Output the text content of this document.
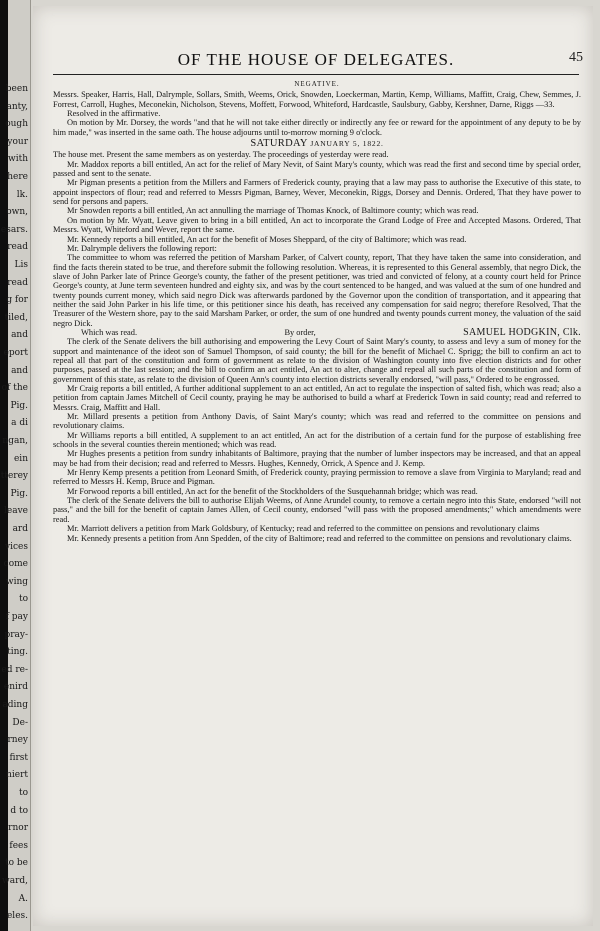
been
anty,
ough
your
with
here
lk.
own,
esars.
read
Lis
read
g for
tiled,
and
eport
and
of the
Pig.
a di
ngan,
ein
tterey
Pig.
leave
ard
vices
come
wing
to
f pay
pray-
ting.
ed re-
enird
ading
De-
rney
first
niert
to
d to
rnor
fees
to be
ward,
A.
eles.
OF THE HOUSE OF DELEGATES.	45

NEGATIVE.

Messrs. Speaker, Harris, Hall, Dalrymple, Sollars, Smith, Weems, Orick, Snowden, Loeckerman, Martin, Kemp, Williams, Maffitt, Craig, Chew, Semmes, J. Forrest, Carroll, Hughes, Meconekin, Nicholson, Stevens, Moffett, Forwood, Whiteford, Hardcastle, Saulsbury, Gabby, Kershner, Darne, Riggs —33.

Resolved in the affirmative.

On motion by Mr. Dorsey, the words "and that he will not take either directly or indirectly any fee or reward for the appointment of any deputy to be by him made," was inserted in the same oath. The house adjourns until to-morrow morning 9 o'clock.

SATURDAY JANUARY 5, 1822.

The house met. Present the same members as on yesterday. The proceedings of yesterday were read.

Mr. Maddox reports a bill entitled, An act for the relief of Mary Nevit, of Saint Mary's county, which was read the first and second time by special order, passed and sent to the senate.

Mr Pigman presents a petition from the Millers and Farmers of Frederick county, praying that a law may pass to authorise the Executive of this state, to appoint inspectors of flour; read and referred to Messrs Pigman, Barney, Wever, Meconekin, Riggs, Dorsey and Dennis. Ordered, That they have power to send for persons and papers.

Mr Snowden reports a bill entitled, An act annulling the marriage of Thomas Knock, of Baltimore county; which was read.

On motion by Mr. Wyatt, Leave given to bring in a bill entitled, An act to incorporate the Grand Lodge of Free and Accepted Masons. Ordered, That Messrs. Wyatt, Whiteford and Wever, report the same.

Mr. Kennedy reports a bill entitled, An act for the benefit of Moses Sheppard, of the city of Baltimore; which was read.

Mr. Dalrymple delivers the following report:

The committee to whom was referred the petition of Marsham Parker, of Calvert county, report, That they have taken the same into consideration, and find the facts therein stated to be true, and therefore submit the following resolution. Whereas, it is represented to this General assembly, that negro Dick, the slave of John Parker late of Prince George's county, the father of the present petitioner, was tried and convicted of felony, at a county court held for Prince George's county, at June term seventeen hundred and eighty six, and was by the court sentenced to be hanged, and was valued at the sum of one hundred and twenty pounds current money, which said negro Dick was afterwards pardoned by the Governor upon the condition of transportation, and it appearing that neither the said John Parker in his life time, or this petitioner since his death, has received any compensation for said negro; therefore Resolved, That the Treasurer of the Western shore, pay to the said Marsham Parker, or order, the sum of one hundred and twenty pounds current money, the valuation of the said negro Dick.

Which was read.	By order,	SAMUEL HODGKIN, Clk.

The clerk of the Senate delivers the bill authorising and empowering the Levy Court of Saint Mary's county, to assess and levy a sum of money for the support and maintenance of the ideot son of Samuel Thompson, of said county; the bill for the benefit of Michael C. Sprigg; the bill to confirm an act to repeal all that part of the constitution and form of government as relate to the division of Washington county into five election districts and for other purposes, passed at the last session; and the bill to confirm an act entitled, An act to alter, change and repeal all such parts of the constitution and form of government of this state, as relate to the division of Queen Ann's county into election districts severally endorsed, "will pass," Ordered to be engrossed.

Mr Craig reports a bill entitled, A further additional supplement to an act entitled, An act to regulate the inspection of salted fish, which was read; also a petition from captain James Mitchell of Cecil county, praying he may be authorised to build a wharf at Frederick Town in said county; read and referred to Messrs. Craig, Maffitt and Hall.

Mr. Millard presents a petition from Anthony Davis, of Saint Mary's county; which was read and referred to the committee on pensions and revolutionary claims.

Mr Williams reports a bill entitled, A supplement to an act entitled, An act for the distribution of a certain fund for the purpose of establishing free schools in the several counties therein mentioned; which was read.

Mr Hughes presents a petition from sundry inhabitants of Baltimore, praying that the number of lumber inspectors may be increased, and that an appeal may be had from their decision; read and referred to Messrs. Hughes, Kennedy, Orrick, A Spence and J. Kemp.

Mr Henry Kemp presents a petition from Leonard Smith, of Frederick county, praying permission to remove a slave from Virginia to Maryland; read and referred to Messrs H. Kemp, Bruce and Pigman.

Mr Forwood reports a bill entitled, An act for the benefit of the Stockholders of the Susquehannah bridge; which was read.

The clerk of the Senate delivers the bill to authorise Elijah Weems, of Anne Arundel county, to remove a certain negro into this State, endorsed "will not pass," and the bill for the benefit of captain James Allen, of Cecil county, endorsed "will pass with the proposed amendments;" which amendments were read.

Mr. Marriott delivers a petition from Mark Goldsbury, of Kentucky; read and referred to the committee on pensions and revolutionary claims

Mr. Kennedy presents a petition from Ann Spedden, of the city of Baltimore; read and referred to the committee on pensions and revolutionary claims.
